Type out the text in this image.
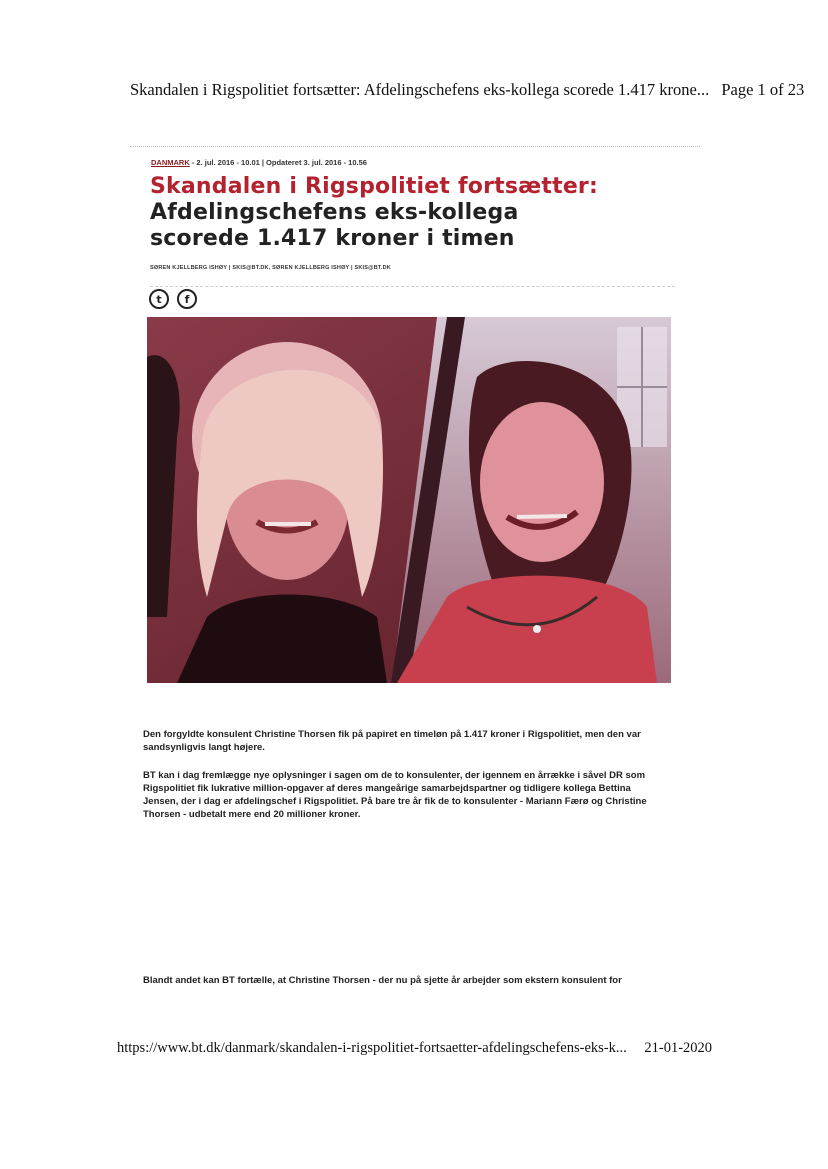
Skandalen i Rigspolitiet fortsætter: Afdelingschefens eks-kollega scorede 1.417 krone... Page 1 of 23
DANMARK - 2. jul. 2016 - 10.01 | Opdateret 3. jul. 2016 - 10.56
Skandalen i Rigspolitiet fortsætter:
Afdelingschefens eks-kollega
scorede 1.417 kroner i timen
SØREN KJELLBERG ISHØY | SKIS@BT.DK, SØREN KJELLBERG ISHØY | SKIS@BT.DK
t f
Den forgyldte konsulent Christine Thorsen fik på papiret en timeløn på 1.417 kroner i Rigspolitiet, men den var sandsynligvis langt højere.
BT kan i dag fremlægge nye oplysninger i sagen om de to konsulenter, der igennem en årrække i såvel DR som Rigspolitiet fik lukrative million-opgaver af deres mangeårige samarbejdspartner og tidligere kollega Bettina Jensen, der i dag er afdelingschef i Rigspolitiet. På bare tre år fik de to konsulenter - Mariann Færø og Christine Thorsen - udbetalt mere end 20 millioner kroner.
Blandt andet kan BT fortælle, at Christine Thorsen - der nu på sjette år arbejder som ekstern konsulent for
https://www.bt.dk/danmark/skandalen-i-rigspolitiet-fortsaetter-afdelingschefens-eks-k... 21-01-2020
